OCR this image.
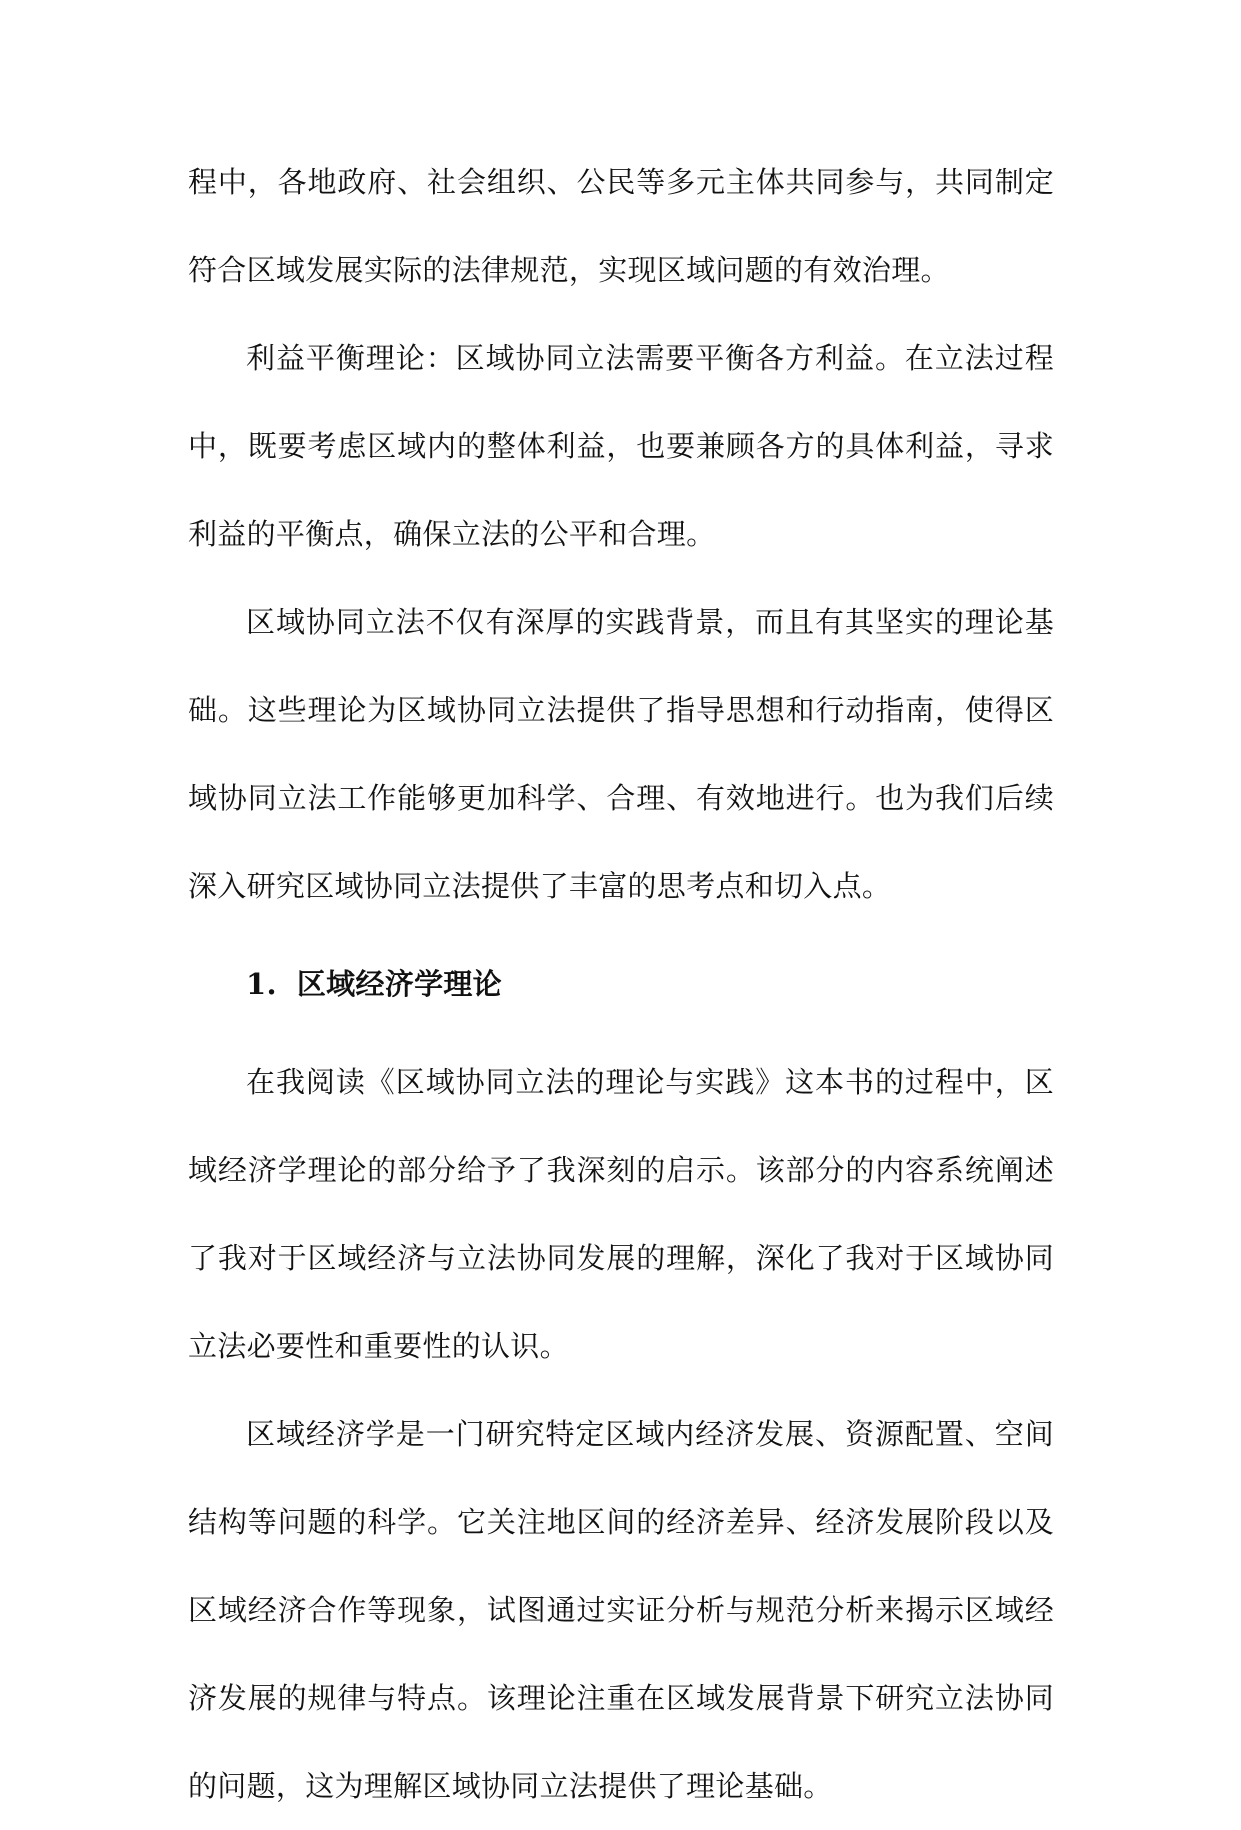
程中，各地政府、社会组织、公民等多元主体共同参与，共同制定符合区域发展实际的法律规范，实现区域问题的有效治理。

利益平衡理论：区域协同立法需要平衡各方利益。在立法过程中，既要考虑区域内的整体利益，也要兼顾各方的具体利益，寻求利益的平衡点，确保立法的公平和合理。

区域协同立法不仅有深厚的实践背景，而且有其坚实的理论基础。这些理论为区域协同立法提供了指导思想和行动指南，使得区域协同立法工作能够更加科学、合理、有效地进行。也为我们后续深入研究区域协同立法提供了丰富的思考点和切入点。

1. 区域经济学理论

在我阅读《区域协同立法的理论与实践》这本书的过程中，区域经济学理论的部分给予了我深刻的启示。该部分的内容系统阐述了我对于区域经济与立法协同发展的理解，深化了我对于区域协同立法必要性和重要性的认识。

区域经济学是一门研究特定区域内经济发展、资源配置、空间结构等问题的科学。它关注地区间的经济差异、经济发展阶段以及区域经济合作等现象，试图通过实证分析与规范分析来揭示区域经济发展的规律与特点。该理论注重在区域发展背景下研究立法协同的问题，这为理解区域协同立法提供了理论基础。
